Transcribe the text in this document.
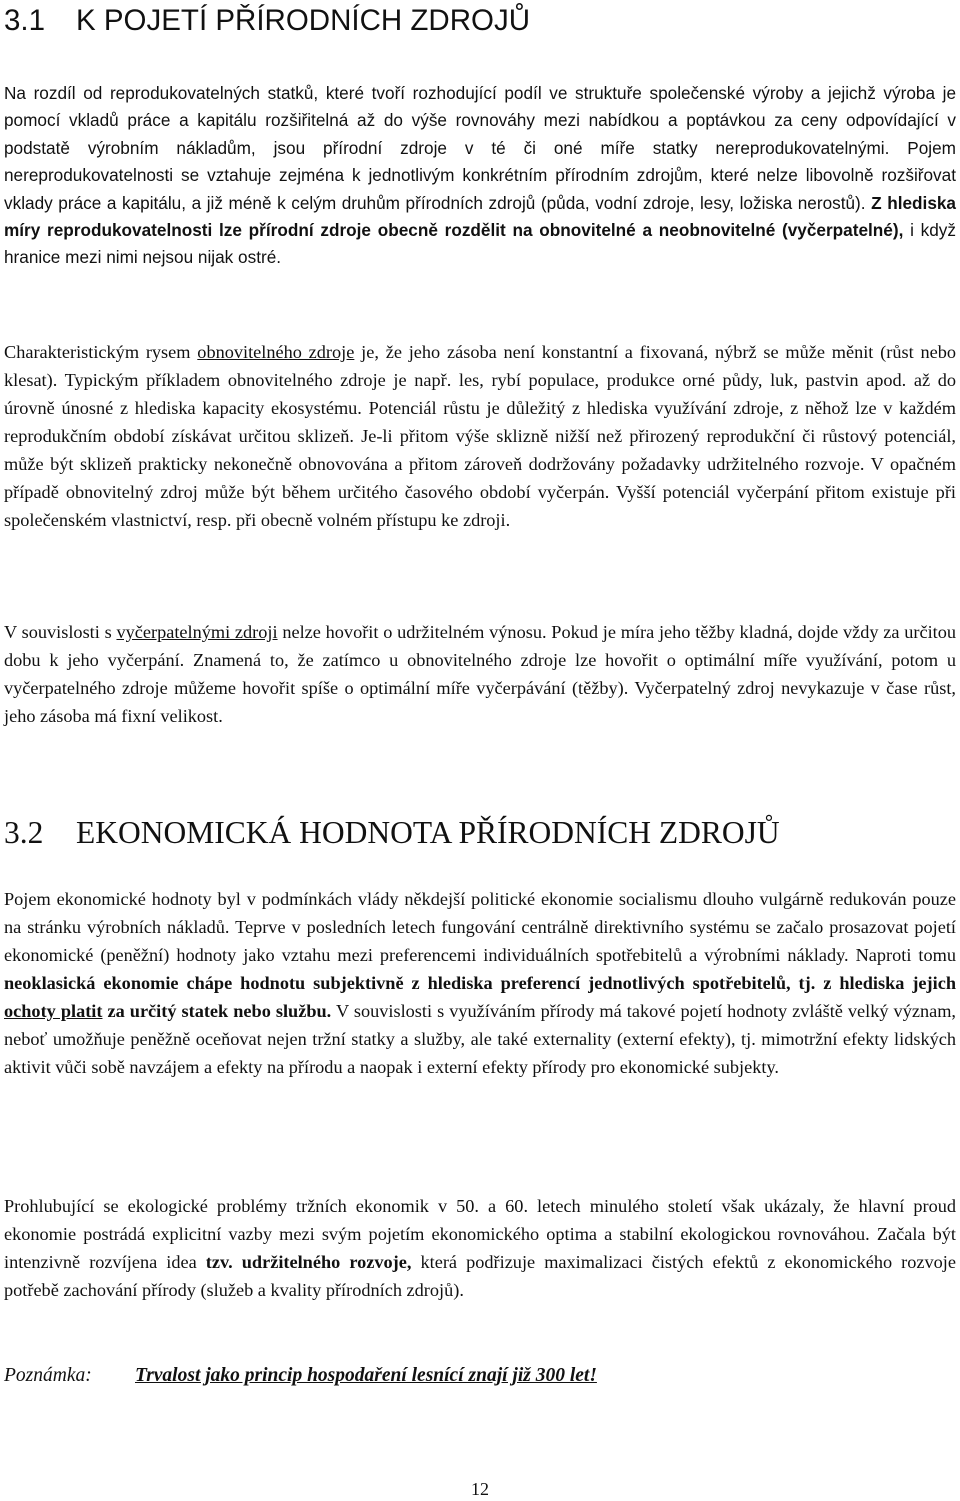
3.1 K POJETÍ PŘÍRODNÍCH ZDROJŮ

Na rozdíl od reprodukovatelných statků, které tvoří rozhodující podíl ve struktuře společenské výroby a jejichž výroba je pomocí vkladů práce a kapitálu rozšiřitelná až do výše rovnováhy mezi nabídkou a poptávkou za ceny odpovídající v podstatě výrobním nákladům, jsou přírodní zdroje v té či oné míře statky nereprodukovatelnými. Pojem nereprodukovatelnosti se vztahuje zejména k jednotlivým konkrétním přírodním zdrojům, které nelze libovolně rozšiřovat vklady práce a kapitálu, a již méně k celým druhům přírodních zdrojů (půda, vodní zdroje, lesy, ložiska nerostů). Z hlediska míry reprodukovatelnosti lze přírodní zdroje obecně rozdělit na obnovitelné a neobnovitelné (vyčerpatelné), i když hranice mezi nimi nejsou nijak ostré.

Charakteristickým rysem obnovitelného zdroje je, že jeho zásoba není konstantní a fixovaná, nýbrž se může měnit (růst nebo klesat). Typickým příkladem obnovitelného zdroje je např. les, rybí populace, produkce orné půdy, luk, pastvin apod. až do úrovně únosné z hlediska kapacity ekosystému. Potenciál růstu je důležitý z hlediska využívání zdroje, z něhož lze v každém reprodukčním období získávat určitou sklizeň. Je-li přitom výše sklizně nižší než přirozený reprodukční či růstový potenciál, může být sklizeň prakticky nekonečně obnovována a přitom zároveň dodržovány požadavky udržitelného rozvoje. V opačném případě obnovitelný zdroj může být během určitého časového období vyčerpán. Vyšší potenciál vyčerpání přitom existuje při společenském vlastnictví, resp. při obecně volném přístupu ke zdroji.

V souvislosti s vyčerpatelnými zdroji nelze hovořit o udržitelném výnosu. Pokud je míra jeho těžby kladná, dojde vždy za určitou dobu k jeho vyčerpání. Znamená to, že zatímco u obnovitelného zdroje lze hovořit o optimální míře využívání, potom u vyčerpatelného zdroje můžeme hovořit spíše o optimální míře vyčerpávání (těžby). Vyčerpatelný zdroj nevykazuje v čase růst, jeho zásoba má fixní velikost.

3.2 EKONOMICKÁ HODNOTA PŘÍRODNÍCH ZDROJŮ

Pojem ekonomické hodnoty byl v podmínkách vlády někdejší politické ekonomie socialismu dlouho vulgárně redukován pouze na stránku výrobních nákladů. Teprve v posledních letech fungování centrálně direktivního systému se začalo prosazovat pojetí ekonomické (peněžní) hodnoty jako vztahu mezi preferencemi individuálních spotřebitelů a výrobními náklady. Naproti tomu neoklasická ekonomie chápe hodnotu subjektivně z hlediska preferencí jednotlivých spotřebitelů, tj. z hlediska jejich ochoty platit za určitý statek nebo službu. V souvislosti s využíváním přírody má takové pojetí hodnoty zvláště velký význam, neboť umožňuje peněžně oceňovat nejen tržní statky a služby, ale také externality (externí efekty), tj. mimotržní efekty lidských aktivit vůči sobě navzájem a efekty na přírodu a naopak i externí efekty přírody pro ekonomické subjekty.

Prohlubující se ekologické problémy tržních ekonomik v 50. a 60. letech minulého století však ukázaly, že hlavní proud ekonomie postrádá explicitní vazby mezi svým pojetím ekonomického optima a stabilní ekologickou rovnováhou. Začala být intenzivně rozvíjena idea tzv. udržitelného rozvoje, která podřizuje maximalizaci čistých efektů z ekonomického rozvoje potřebě zachování přírody (služeb a kvality přírodních zdrojů).

Poznámka: Trvalost jako princip hospodaření lesnící znají již 300 let!

12
